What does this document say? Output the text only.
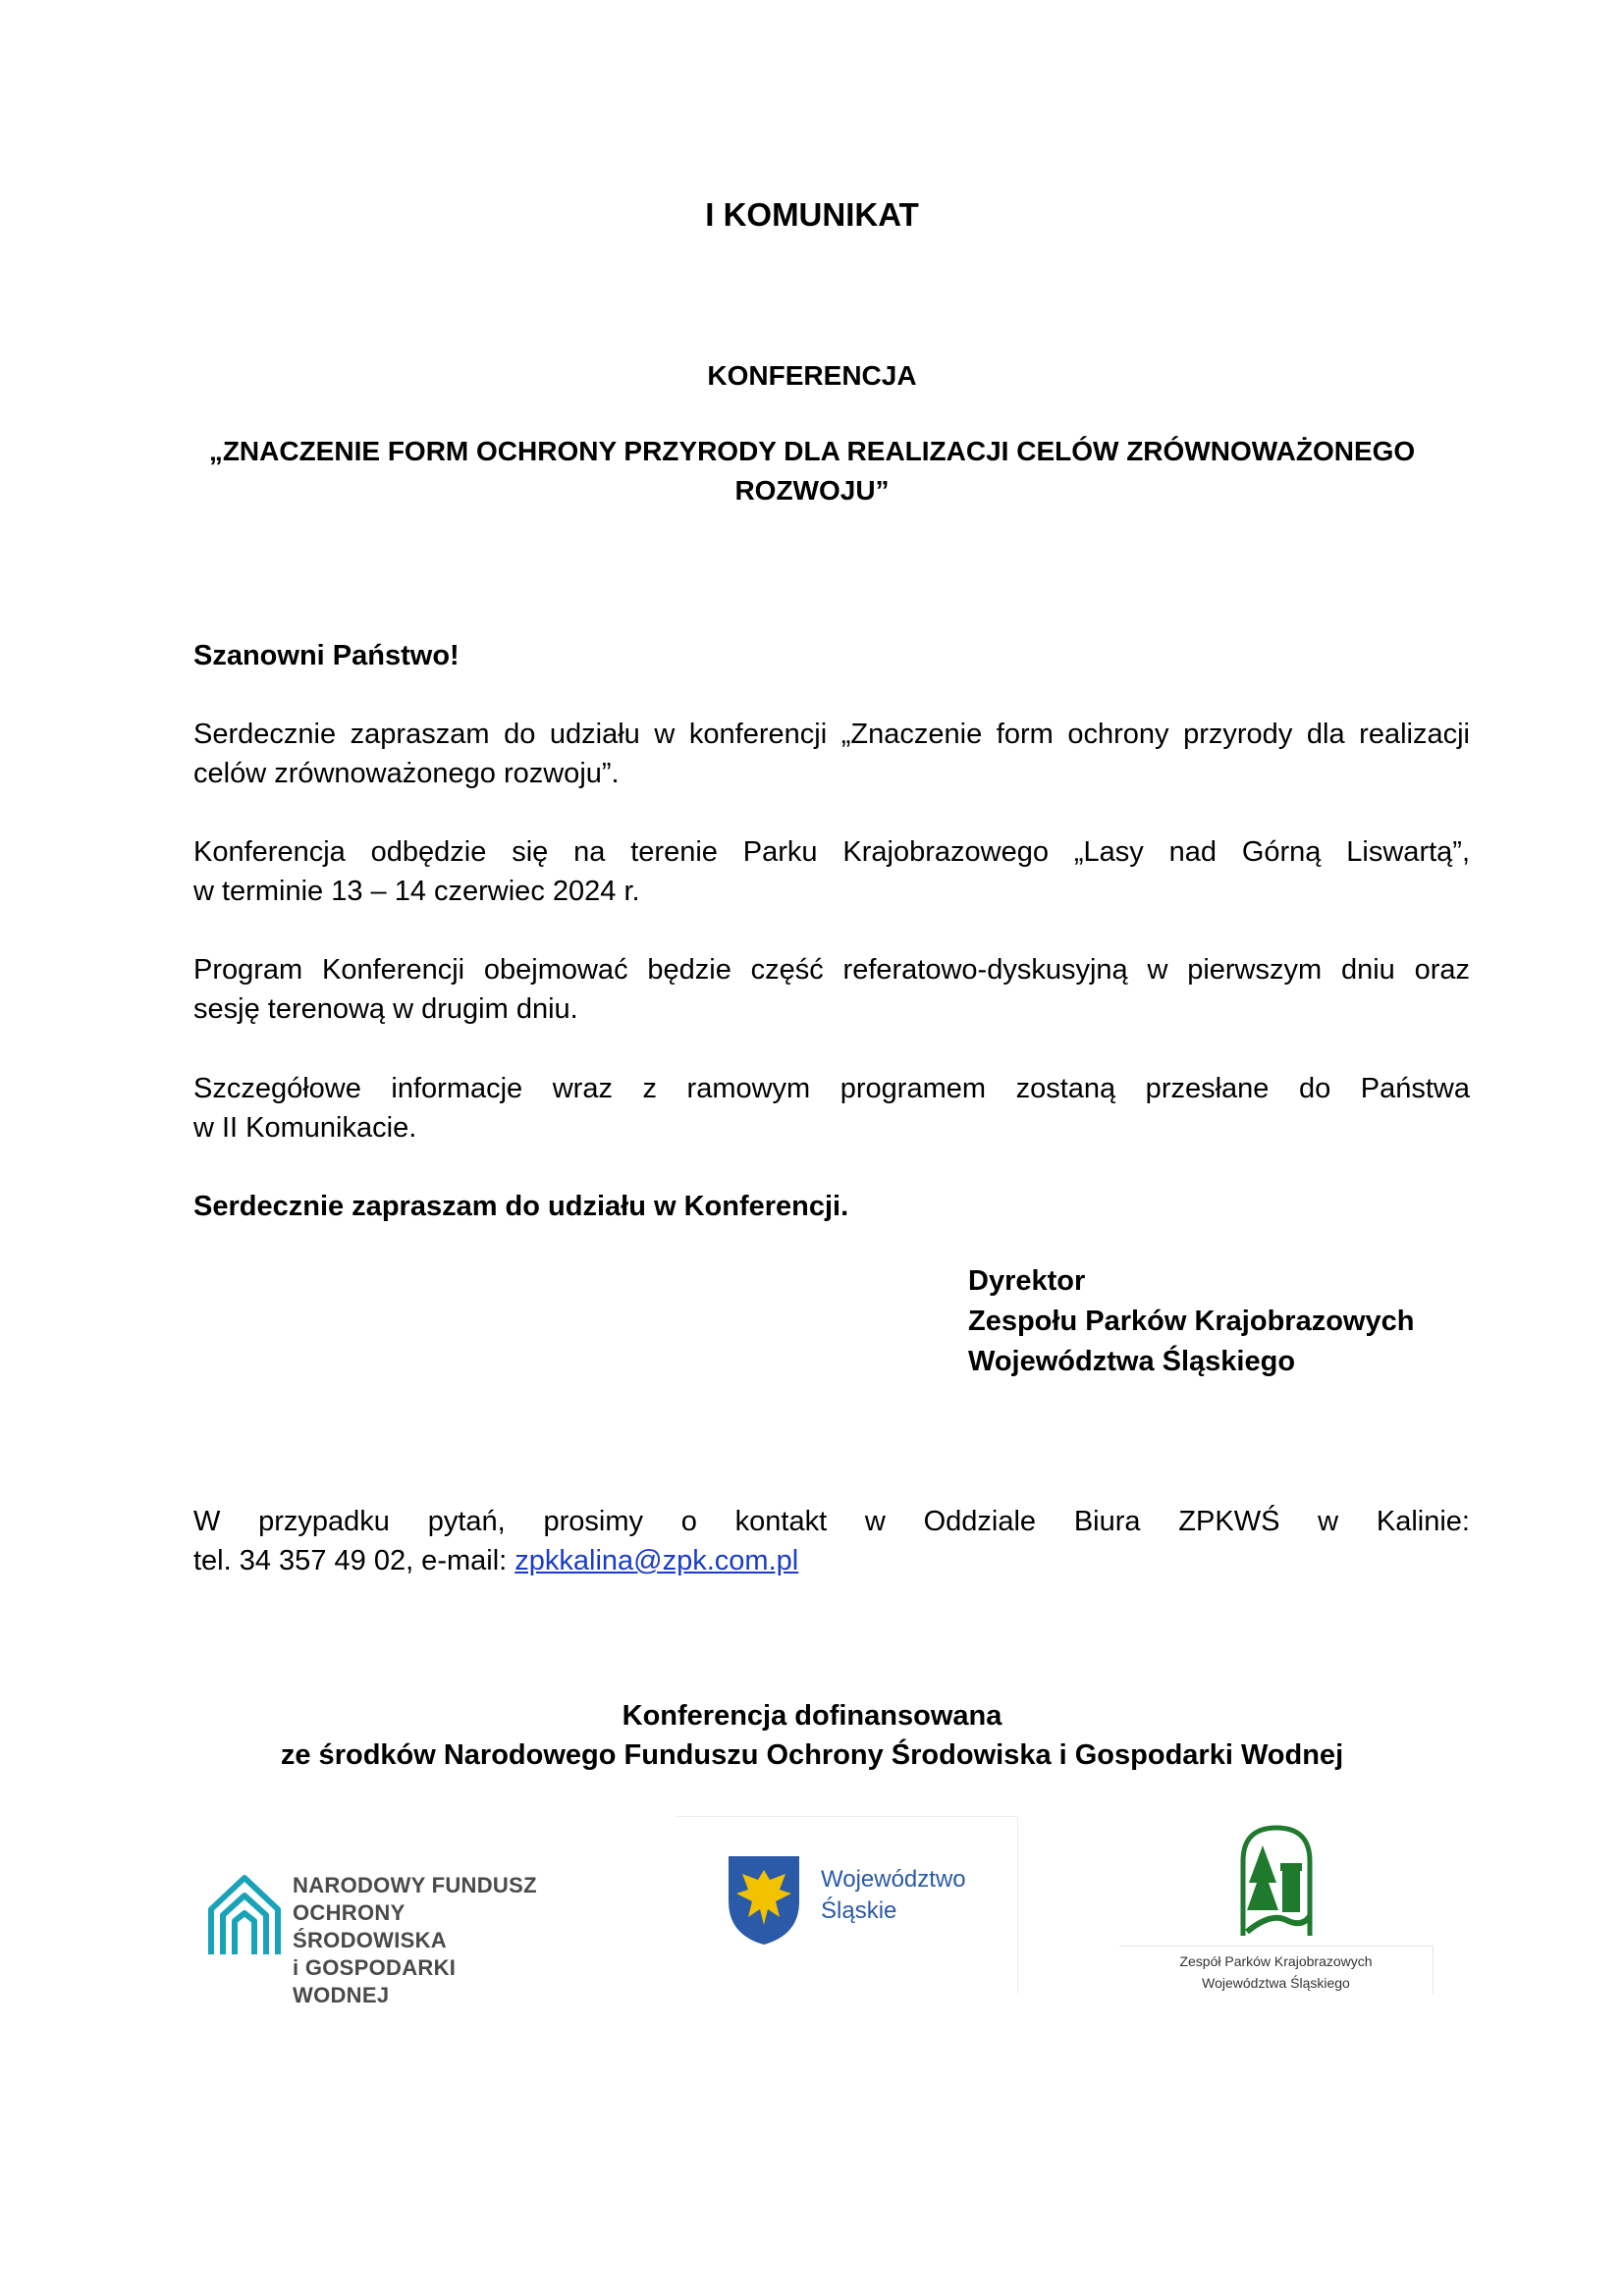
I KOMUNIKAT
KONFERENCJA
„ZNACZENIE FORM OCHRONY PRZYRODY DLA REALIZACJI CELÓW ZRÓWNOWAŻONEGO
ROZWOJU”
Szanowni Państwo!
Serdecznie zapraszam do udziału w konferencji „Znaczenie form ochrony przyrody dla realizacji
celów zrównoważonego rozwoju”.
Konferencja odbędzie się na terenie Parku Krajobrazowego „Lasy nad Górną Liswartą”,
w terminie 13 – 14 czerwiec 2024 r.
Program Konferencji obejmować będzie część referatowo-dyskusyjną w pierwszym dniu oraz
sesję terenową w drugim dniu.
Szczegółowe informacje wraz z ramowym programem zostaną przesłane do Państwa
w II Komunikacie.
Serdecznie zapraszam do udziału w Konferencji.
Dyrektor
Zespołu Parków Krajobrazowych
Województwa Śląskiego
W przypadku pytań, prosimy o kontakt w Oddziale Biura ZPKWŚ w Kalinie:
tel. 34 357 49 02, e-mail: zpkkalina@zpk.com.pl
Konferencja dofinansowana
ze środków Narodowego Funduszu Ochrony Środowiska i Gospodarki Wodnej
NARODOWY FUNDUSZ
OCHRONY ŚRODOWISKA
i GOSPODARKI WODNEJ
Województwo
Śląskie
Zespół Parków Krajobrazowych
Województwa Śląskiego
